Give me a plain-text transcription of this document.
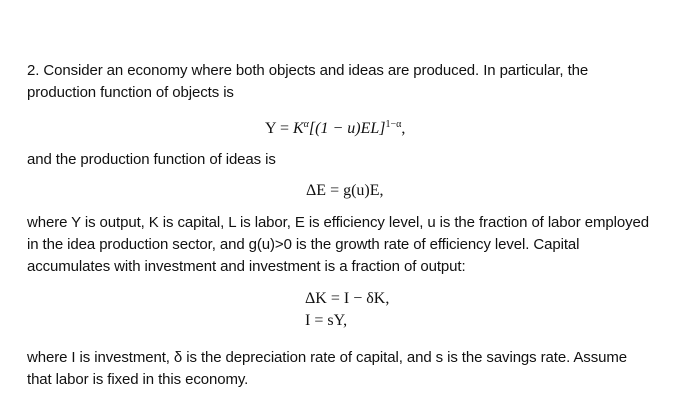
2. Consider an economy where both objects and ideas are produced. In particular, the
production function of objects is
$Y = K^\alpha[(1 - u)EL]^{1-\alpha}$,
and the production function of ideas is
ΔE = g(u)E,
where Y is output, K is capital, L is labor, E is efficiency level, u is the fraction of labor employed
in the idea production sector, and g(u)>0 is the growth rate of efficiency level. Capital
accumulates with investment and investment is a fraction of output:
ΔK = I − δK,
I = sY,
where I is investment, δ is the depreciation rate of capital, and s is the savings rate. Assume
that labor is fixed in this economy.
